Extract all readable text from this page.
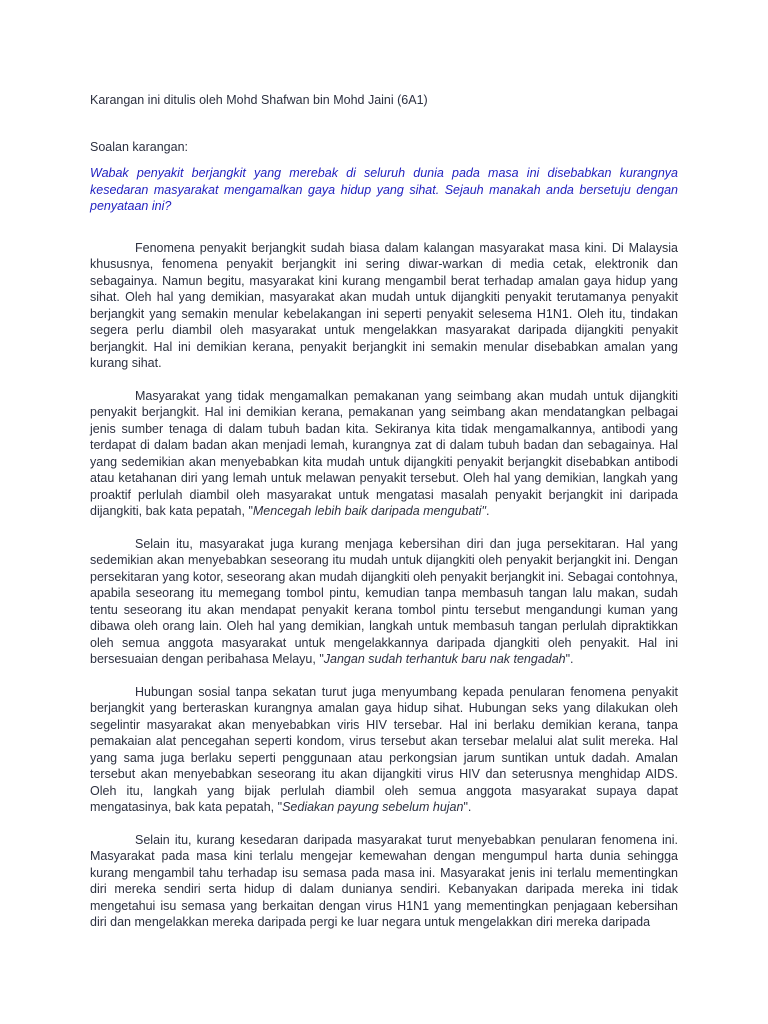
Karangan ini ditulis oleh Mohd Shafwan bin Mohd Jaini (6A1)

Soalan karangan:

Wabak penyakit berjangkit yang merebak di seluruh dunia pada masa ini disebabkan kurangnya kesedaran masyarakat mengamalkan gaya hidup yang sihat. Sejauh manakah anda bersetuju dengan penyataan ini?

Fenomena penyakit berjangkit sudah biasa dalam kalangan masyarakat masa kini. Di Malaysia khususnya, fenomena penyakit berjangkit ini sering diwar-warkan di media cetak, elektronik dan sebagainya. Namun begitu, masyarakat kini kurang mengambil berat terhadap amalan gaya hidup yang sihat. Oleh hal yang demikian, masyarakat akan mudah untuk dijangkiti penyakit terutamanya penyakit berjangkit yang semakin menular kebelakangan ini seperti penyakit selesema H1N1. Oleh itu, tindakan segera perlu diambil oleh masyarakat untuk mengelakkan masyarakat daripada dijangkiti penyakit berjangkit. Hal ini demikian kerana, penyakit berjangkit ini semakin menular disebabkan amalan yang kurang sihat.

Masyarakat yang tidak mengamalkan pemakanan yang seimbang akan mudah untuk dijangkiti penyakit berjangkit. Hal ini demikian kerana, pemakanan yang seimbang akan mendatangkan pelbagai jenis sumber tenaga di dalam tubuh badan kita. Sekiranya kita tidak mengamalkannya, antibodi yang terdapat di dalam badan akan menjadi lemah, kurangnya zat di dalam tubuh badan dan sebagainya. Hal yang sedemikian akan menyebabkan kita mudah untuk dijangkiti penyakit berjangkit disebabkan antibodi atau ketahanan diri yang lemah untuk melawan penyakit tersebut. Oleh hal yang demikian, langkah yang proaktif perlulah diambil oleh masyarakat untuk mengatasi masalah penyakit berjangkit ini daripada dijangkiti, bak kata pepatah, "Mencegah lebih baik daripada mengubati".

Selain itu, masyarakat juga kurang menjaga kebersihan diri dan juga persekitaran. Hal yang sedemikian akan menyebabkan seseorang itu mudah untuk dijangkiti oleh penyakit berjangkit ini. Dengan persekitaran yang kotor, seseorang akan mudah dijangkiti oleh penyakit berjangkit ini. Sebagai contohnya, apabila seseorang itu memegang tombol pintu, kemudian tanpa membasuh tangan lalu makan, sudah tentu seseorang itu akan mendapat penyakit kerana tombol pintu tersebut mengandungi kuman yang dibawa oleh orang lain. Oleh hal yang demikian, langkah untuk membasuh tangan perlulah dipraktikkan oleh semua anggota masyarakat untuk mengelakkannya daripada djangkiti oleh penyakit. Hal ini bersesuaian dengan peribahasa Melayu, "Jangan sudah terhantuk baru nak tengadah".

Hubungan sosial tanpa sekatan turut juga menyumbang kepada penularan fenomena penyakit berjangkit yang berteraskan kurangnya amalan gaya hidup sihat. Hubungan seks yang dilakukan oleh segelintir masyarakat akan menyebabkan viris HIV tersebar. Hal ini berlaku demikian kerana, tanpa pemakaian alat pencegahan seperti kondom, virus tersebut akan tersebar melalui alat sulit mereka. Hal yang sama juga berlaku seperti penggunaan atau perkongsian jarum suntikan untuk dadah. Amalan tersebut akan menyebabkan seseorang itu akan dijangkiti virus HIV dan seterusnya menghidap AIDS. Oleh itu, langkah yang bijak perlulah diambil oleh semua anggota masyarakat supaya dapat mengatasinya, bak kata pepatah, "Sediakan payung sebelum hujan".

Selain itu, kurang kesedaran daripada masyarakat turut menyebabkan penularan fenomena ini. Masyarakat pada masa kini terlalu mengejar kemewahan dengan mengumpul harta dunia sehingga kurang mengambil tahu terhadap isu semasa pada masa ini. Masyarakat jenis ini terlalu mementingkan diri mereka sendiri serta hidup di dalam dunianya sendiri. Kebanyakan daripada mereka ini tidak mengetahui isu semasa yang berkaitan dengan virus H1N1 yang mementingkan penjagaan kebersihan diri dan mengelakkan mereka daripada pergi ke luar negara untuk mengelakkan diri mereka daripada
